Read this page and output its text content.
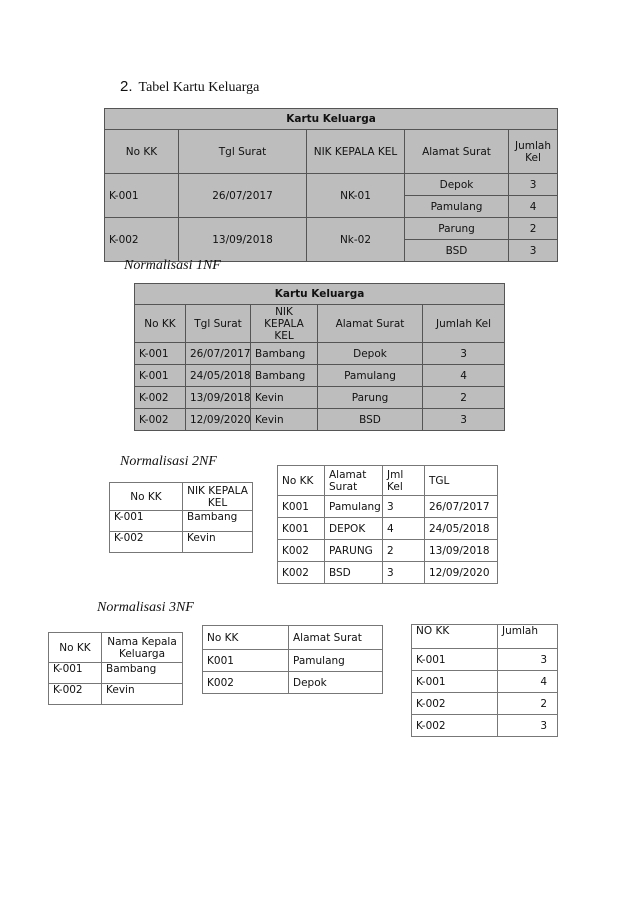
2. Tabel Kartu Keluarga
Kartu Keluarga				
No KK	Tgl Surat	NIK KEPALA KEL	Alamat Surat	Jumlah Kel
K-001	26/07/2017	NK-01	Depok	3
			Pamulang	4
K-002	13/09/2018	Nk-02	Parung	2
			BSD	3
Normalisasi 1NF
Kartu Keluarga				
No KK	Tgl Surat	NIK KEPALA KEL	Alamat Surat	Jumlah Kel
K-001	26/07/2017	Bambang	Depok	3
K-001	24/05/2018	Bambang	Pamulang	4
K-002	13/09/2018	Kevin	Parung	2
K-002	12/09/2020	Kevin	BSD	3
Normalisasi 2NF
No KK	NIK KEPALA KEL
K-001	Bambang
K-002	Kevin
No KK	Alamat Surat	Jml Kel	TGL
K001	Pamulang	3	26/07/2017
K001	DEPOK	4	24/05/2018
K002	PARUNG	2	13/09/2018
K002	BSD	3	12/09/2020
Normalisasi 3NF
No KK	Nama Kepala Keluarga
K-001	Bambang
K-002	Kevin
No KK	Alamat Surat
K001	Pamulang
K002	Depok
NO KK	Jumlah
K-001	3
K-001	4
K-002	2
K-002	3
